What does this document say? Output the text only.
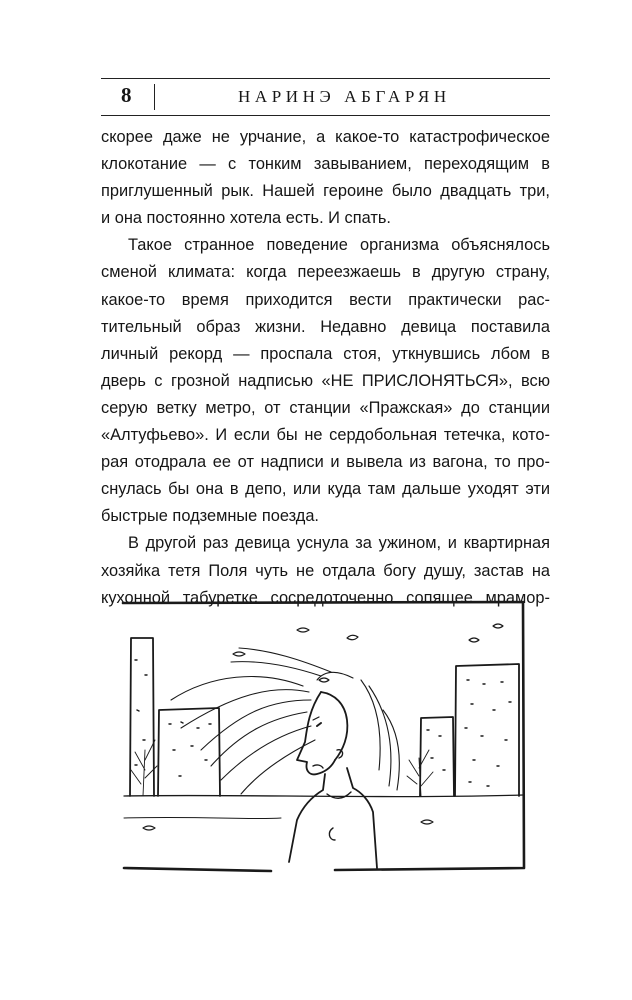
8	НАРИНЭ АБГАРЯН
скорее даже не урчание, а какое-то катастрофическое
клокотание — с тонким завыванием, переходящим в
приглушенный рык. Нашей героине было двадцать три,
и она постоянно хотела есть. И спать.
Такое странное поведение организма объяснялось
сменой климата: когда переезжаешь в другую страну,
какое-то время приходится вести практически рас-
тительный образ жизни. Недавно девица поставила
личный рекорд — проспала стоя, уткнувшись лбом в
дверь с грозной надписью «НЕ ПРИСЛОНЯТЬСЯ», всю
серую ветку метро, от станции «Пражская» до станции
«Алтуфьево». И если бы не сердобольная тетечка, кото-
рая отодрала ее от надписи и вывела из вагона, то про-
снулась бы она в депо, или куда там дальше уходят эти
быстрые подземные поезда.
В другой раз девица уснула за ужином, и квартирная
хозяйка тетя Поля чуть не отдала богу душу, застав на
кухонной табуретке сосредоточенно сопящее мрамор-
